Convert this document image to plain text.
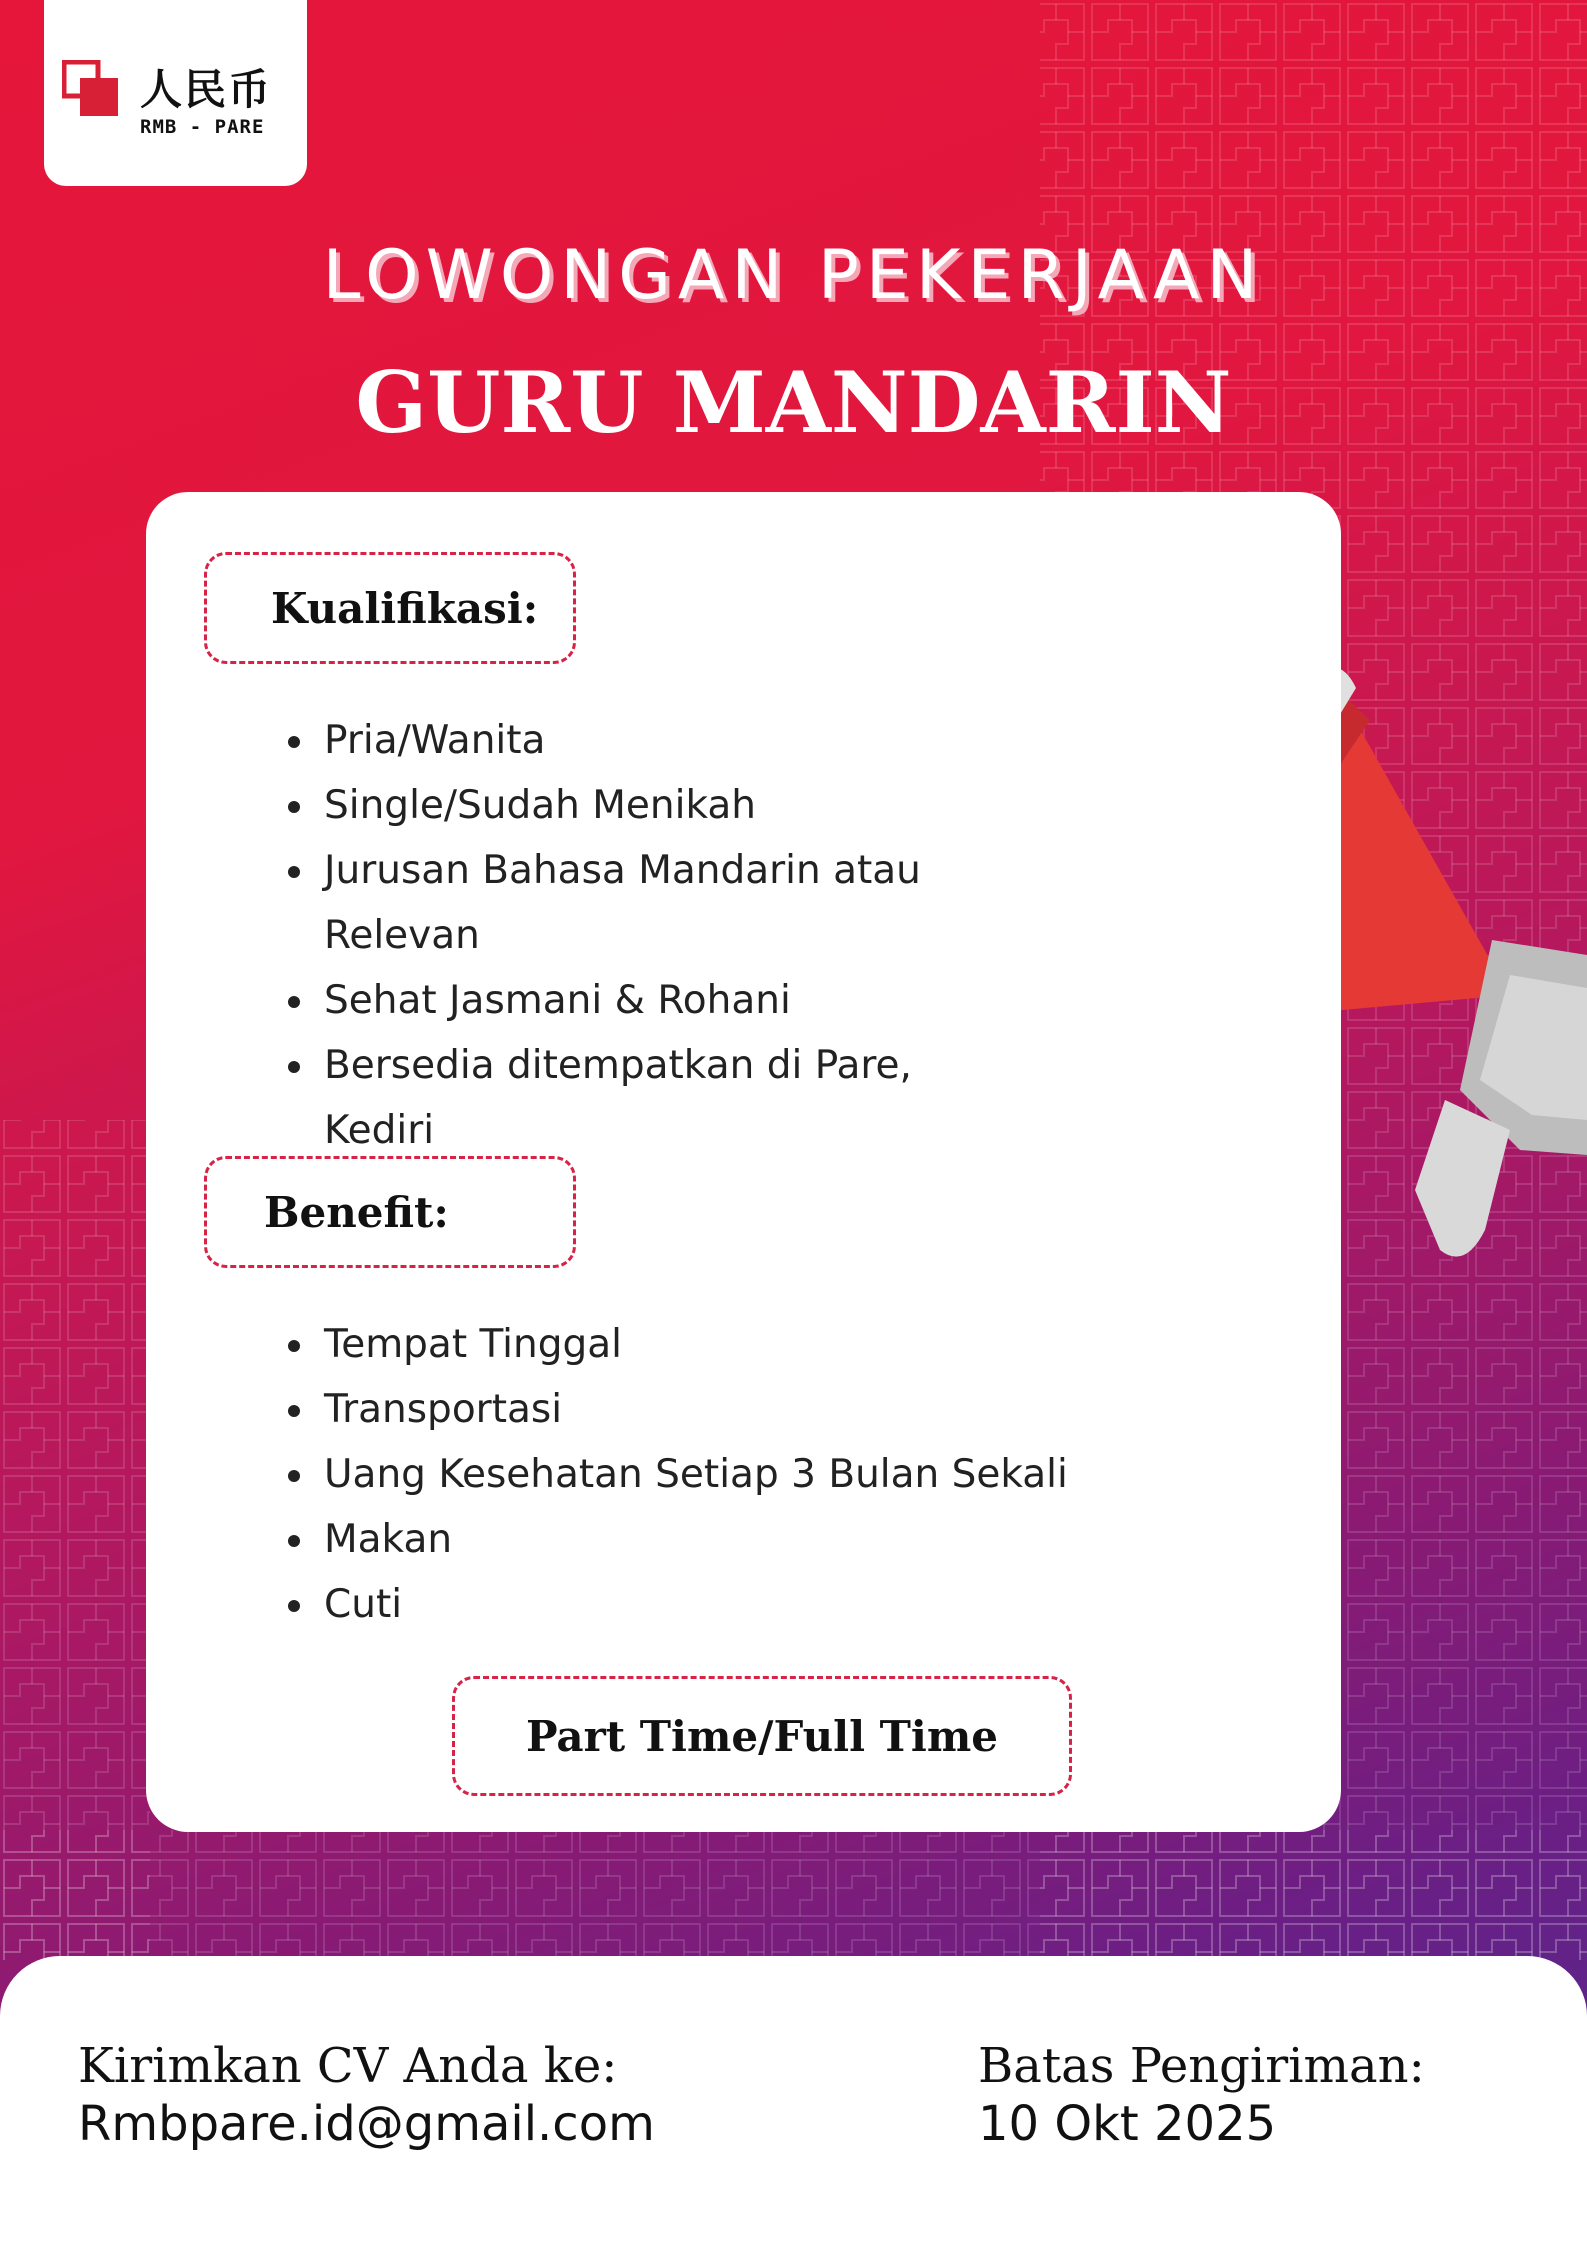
人民币
RMB - PARE
LOWONGAN PEKERJAAN
GURU MANDARIN
Kualifikasi:
Pria/Wanita
Single/Sudah Menikah
Jurusan Bahasa Mandarin atau Relevan
Sehat Jasmani & Rohani
Bersedia ditempatkan di Pare, Kediri
Benefit:
Tempat Tinggal
Transportasi
Uang Kesehatan Setiap 3 Bulan Sekali
Makan
Cuti
Part Time/Full Time
Kirimkan CV Anda ke:
Rmbpare.id@gmail.com
Batas Pengiriman:
10 Okt 2025
